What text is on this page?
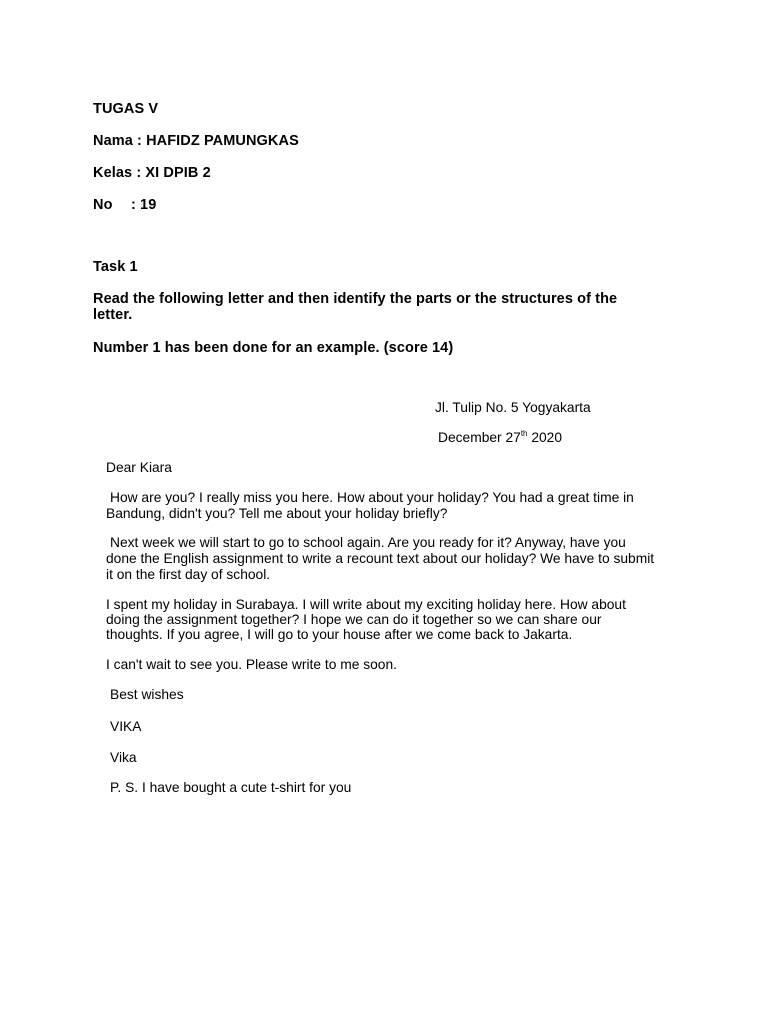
TUGAS V

Nama : HAFIDZ PAMUNGKAS

Kelas : XI DPIB 2

No : 19

Task 1

Read the following letter and then identify the parts or the structures of the letter.

Number 1 has been done for an example. (score 14)

Jl. Tulip No. 5 Yogyakarta

December 27th 2020

Dear Kiara

How are you? I really miss you here. How about your holiday? You had a great time in

Bandung, didn't you? Tell me about your holiday briefly?

Next week we will start to go to school again. Are you ready for it? Anyway, have you

done the English assignment to write a recount text about our holiday? We have to submit

it on the first day of school.

I spent my holiday in Surabaya. I will write about my exciting holiday here. How about

doing the assignment together? I hope we can do it together so we can share our

thoughts. If you agree, I will go to your house after we come back to Jakarta.

I can't wait to see you. Please write to me soon.

Best wishes

VIKA

Vika

P. S. I have bought a cute t-shirt for you
